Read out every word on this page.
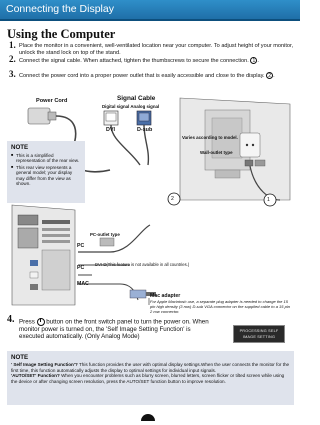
Connecting the Display
Using the Computer
1. Place the monitor in a convenient, well-ventilated location near your computer. To adjust height of your monitor, unlock the stand lock on top of the stand.
2. Connect the signal cable. When attached, tighten the thumbscrews to secure the connection. 1 .
3. Connect the power cord into a proper power outlet that is easily accessible and close to the display. 2 .
Power Cord	Signal Cable
Digital signal Analog signal
DVI	D-sub
Varies according to model.
Wall-outlet type
2	1
PC-outlet type
PC
PC
MAC
DVI-D(This feature is not available in all countries.)
Mac adapter
For Apple Macintosh use, a separate plug adapter is needed to change the 15 pin high density (3 row) D-sub VGA connector on the supplied cable to a 15 pin 2 row connector.
NOTE
■ This is a simplified representation of the rear view.
■ This rear view represents a general model; your display may differ from the view as shown.
4. Press button on the front switch panel to turn the power on. When monitor power is turned on, the 'Self Image Setting Function' is executed automatically. (Only Analog Mode)
PROCESSING SELF
IMAGE SETTING
NOTE
' Self Image Setting Function'? This function provides the user with optimal display settings.When the user connects the monitor for the first time, this function automatically adjusts the display to optimal settings for individual input signals.
'AUTO/SET' Function? When you encounter problems such as blurry screen, blurred letters, screen flicker or tilted screen while using the device or after changing screen resolution, press the AUTO/SET function button to improve resolution.
